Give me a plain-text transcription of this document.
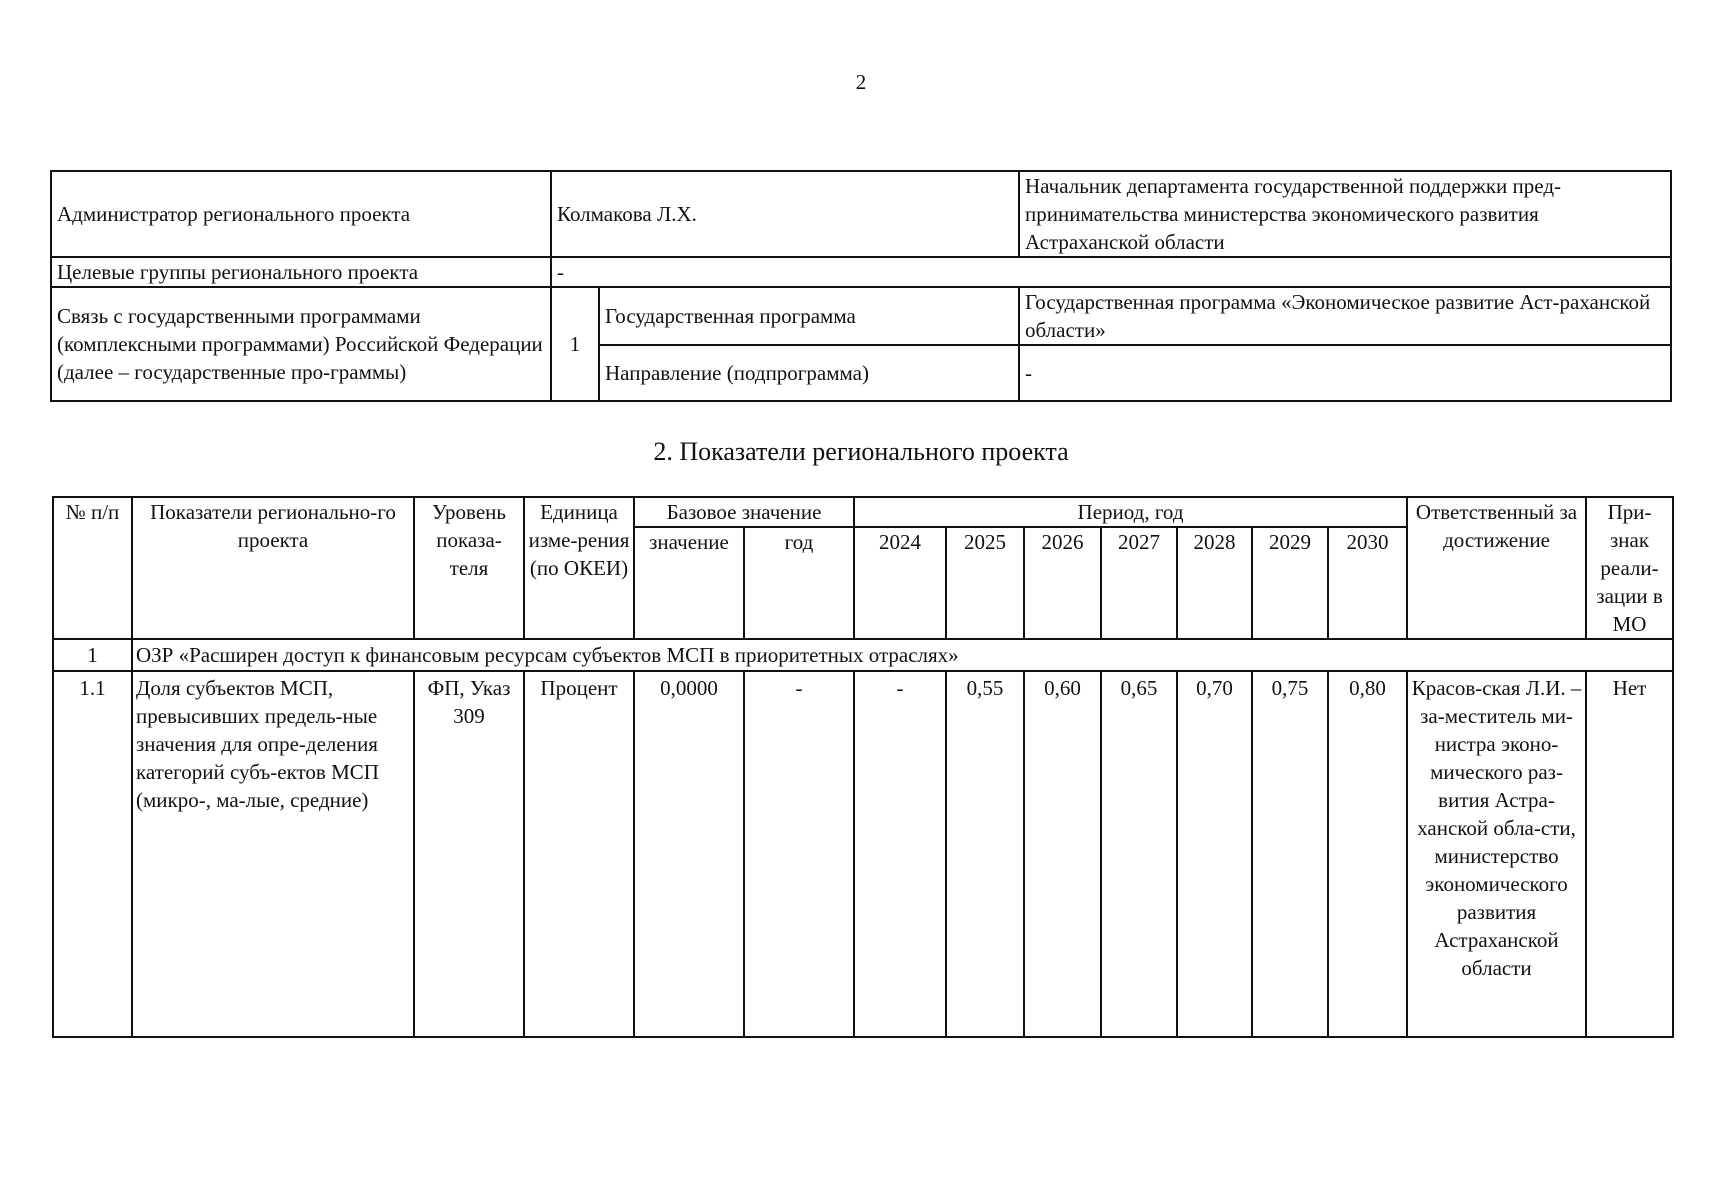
2
Администратор регионального проекта	Колмакова Л.Х.		Начальник департамента государственной поддержки пред-принимательства министерства экономического развития Астраханской области
Целевые группы регионального проекта	-		
Связь с государственными программами (комплексными программами) Российской Федерации (далее – государственные про-граммы)	1	Государственная программа	Государственная программа «Экономическое развитие Аст-раханской области»
		Направление (подпрограмма)	-
2. Показатели регионального проекта
№ п/п	Показатели регионально-го проекта	Уровень показа-теля	Единица изме-рения (по ОКЕИ)	Базовое значение		Период, год							Ответственный за достижение	При-знак реали-зации в МО
				значение	год	2024	2025	2026	2027	2028	2029	2030		
1	ОЗР «Расширен доступ к финансовым ресурсам субъектов МСП в приоритетных отраслях»													
1.1	Доля субъектов МСП, превысивших предель-ные значения для опре-деления категорий субъ-ектов МСП (микро-, ма-лые, средние)	ФП, Указ 309	Процент	0,0000	-	-	0,55	0,60	0,65	0,70	0,75	0,80	Красов-ская Л.И. – за-меститель ми-нистра эконо-мического раз-вития Астра-ханской обла-сти, министерство экономического развития Астраханской области	Нет
